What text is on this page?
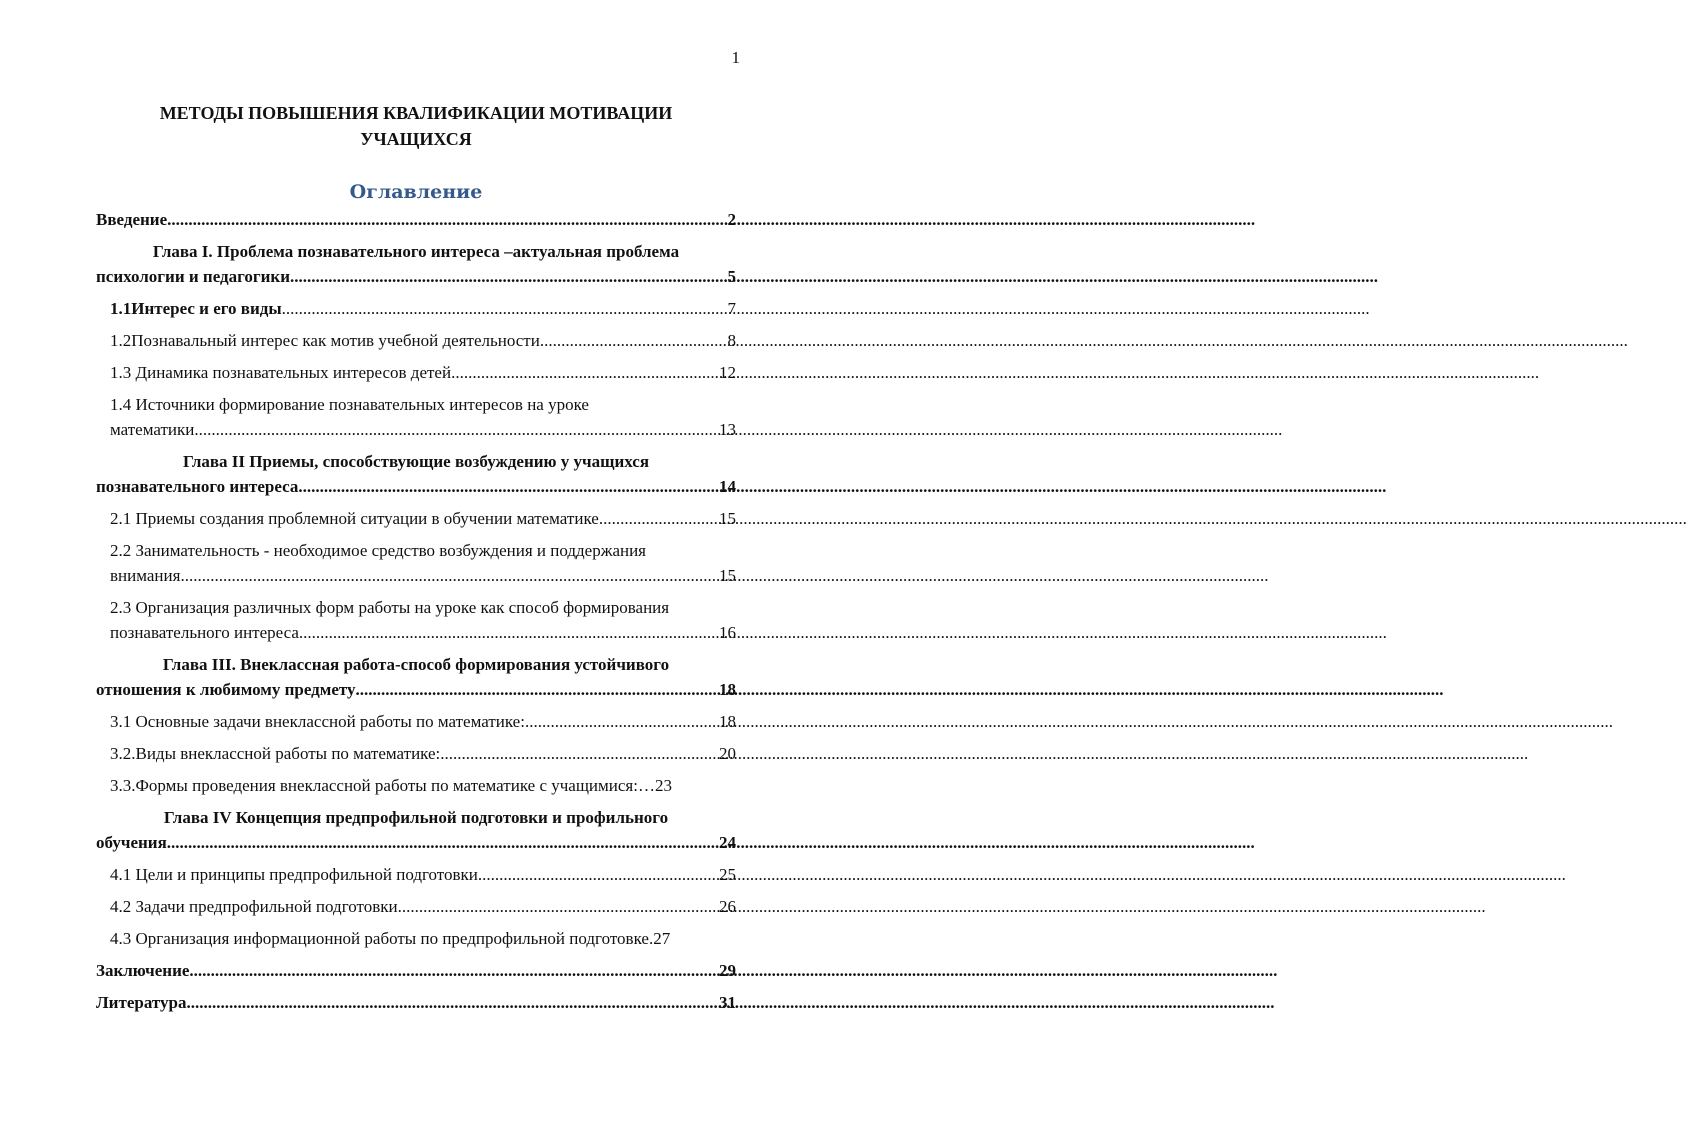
1
МЕТОДЫ ПОВЫШЕНИЯ КВАЛИФИКАЦИИ МОТИВАЦИИ
УЧАЩИХСЯ
Оглавление
Введение .....	2
Глава I. Проблема познавательного интереса –актуальная проблема
психологии и педагогики .....	5
1.1Интерес и его виды .....	7
1.2Познавальный интерес как мотив учебной деятельности .....	8
1.3 Динамика познавательных интересов детей .....	12
1.4 Источники формирование познавательных интересов на уроке
математики .....	13
Глава II Приемы, способствующие возбуждению у учащихся
познавательного интереса .....	14
2.1 Приемы создания проблемной ситуации в обучении математике .....	15
2.2 Занимательность - необходимое средство возбуждения и поддержания
внимания .....	15
2.3 Организация различных форм работы на уроке как способ формирования
познавательного интереса .....	16
Глава III. Внеклассная работа-способ формирования устойчивого
отношения к любимому предмету .....	18
3.1 Основные задачи внеклассной работы по математике: .....	18
3.2.Виды внеклассной работы по математике: .....	20
3.3.Формы проведения внеклассной работы по математике с учащимися:… 23
Глава IV Концепция предпрофильной подготовки и профильного
обучения .....	24
4.1 Цели и принципы предпрофильной подготовки .....	25
4.2 Задачи предпрофильной подготовки .....	26
4.3 Организация информационной работы по предпрофильной подготовке. 27
Заключение .....	29
Литература .....	31
